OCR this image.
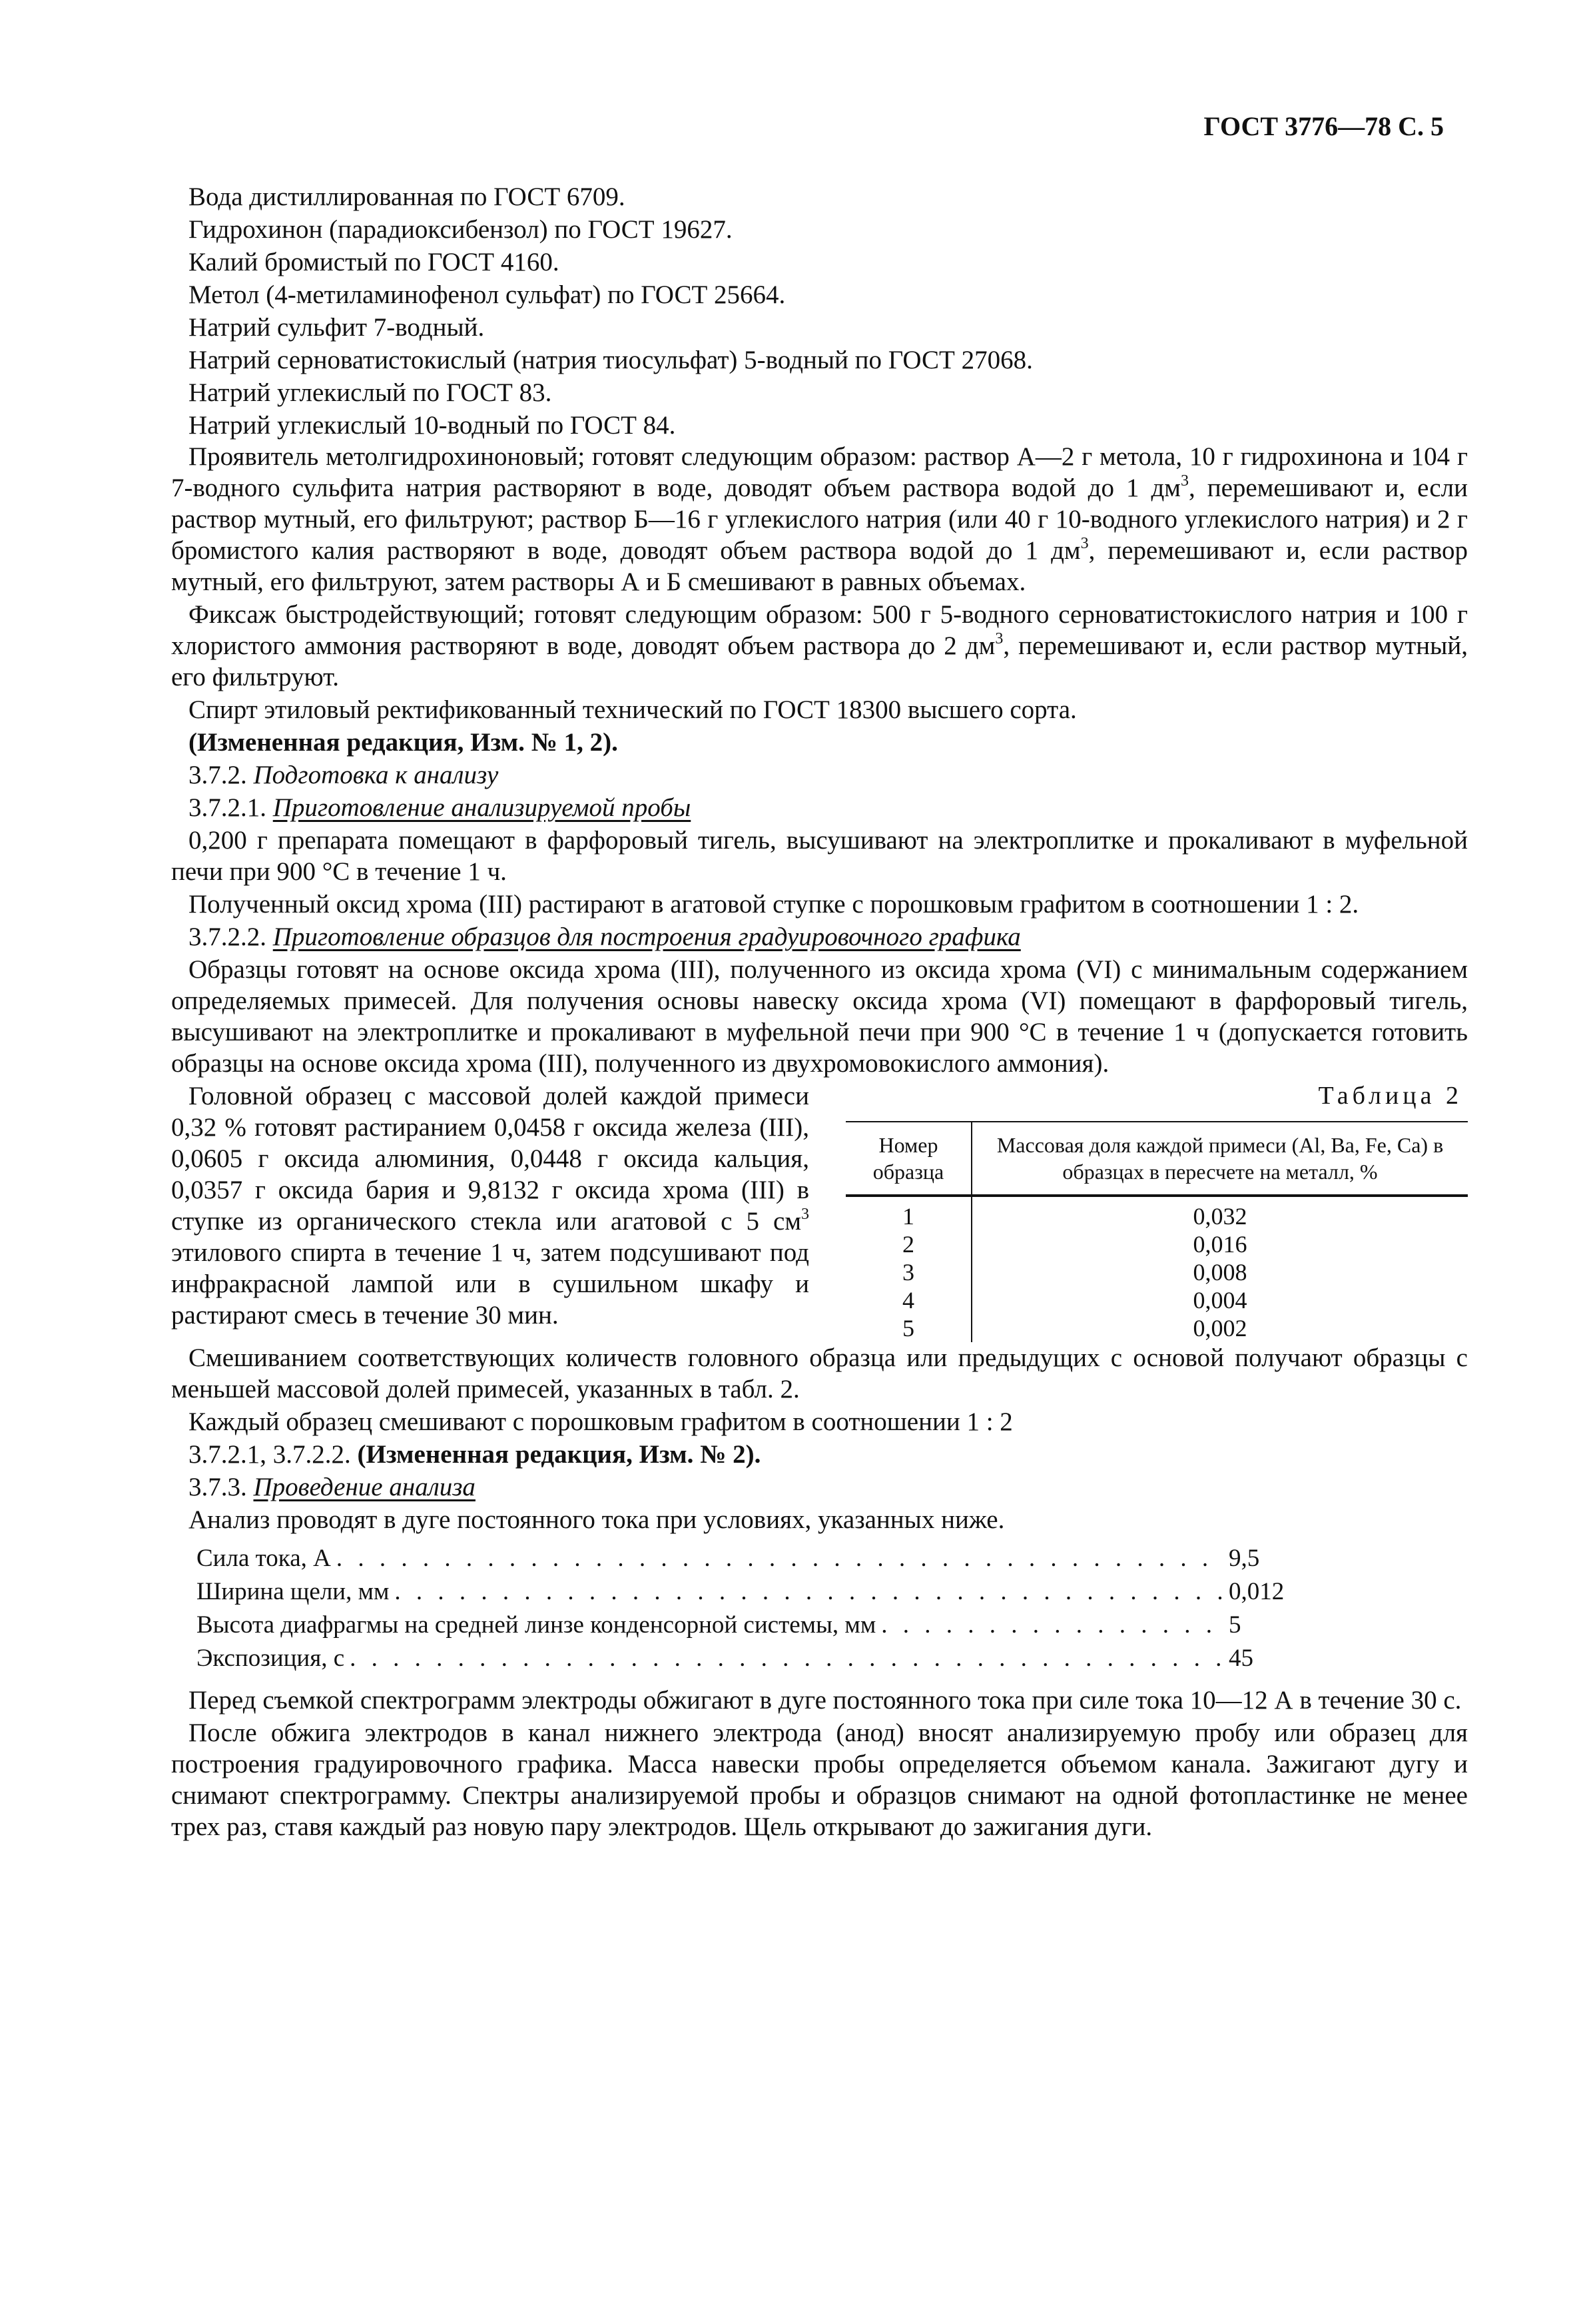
ГОСТ 3776—78 С. 5

Вода дистиллированная по ГОСТ 6709.

Гидрохинон (парадиоксибензол) по ГОСТ 19627.

Калий бромистый по ГОСТ 4160.

Метол (4-метиламинофенол сульфат) по ГОСТ 25664.

Натрий сульфит 7-водный.

Натрий серноватистокислый (натрия тиосульфат) 5-водный по ГОСТ 27068.

Натрий углекислый по ГОСТ 83.

Натрий углекислый 10-водный по ГОСТ 84.

Проявитель метолгидрохиноновый; готовят следующим образом: раствор А—2 г метола, 10 г гидрохинона и 104 г 7-водного сульфита натрия растворяют в воде, доводят объем раствора водой до 1 $дм^3$, перемешивают и, если раствор мутный, его фильтруют; раствор Б—16 г углекислого натрия (или 40 г 10-водного углекислого натрия) и 2 г бромистого калия растворяют в воде, доводят объем раствора водой до 1 $дм^3$, перемешивают и, если раствор мутный, его фильтруют, затем растворы А и Б смешивают в равных объемах.

Фиксаж быстродействующий; готовят следующим образом: 500 г 5-водного серноватистокислого натрия и 100 г хлористого аммония растворяют в воде, доводят объем раствора до 2 $дм^3$, перемешивают и, если раствор мутный, его фильтруют.

Спирт этиловый ректификованный технический по ГОСТ 18300 высшего сорта.

(Измененная редакция, Изм. № 1, 2).

3.7.2. Подготовка к анализу

3.7.2.1. Приготовление анализируемой пробы

0,200 г препарата помещают в фарфоровый тигель, высушивают на электроплитке и прокаливают в муфельной печи при 900 °С в течение 1 ч.

Полученный оксид хрома (III) растирают в агатовой ступке с порошковым графитом в соотношении 1 : 2.

3.7.2.2. Приготовление образцов для построения градуировочного графика

Образцы готовят на основе оксида хрома (III), полученного из оксида хрома (VI) с минимальным содержанием определяемых примесей. Для получения основы навеску оксида хрома (VI) помещают в фарфоровый тигель, высушивают на электроплитке и прокаливают в муфельной печи при 900 °С в течение 1 ч (допускается готовить образцы на основе оксида хрома (III), полученного из двухромовокислого аммония).

Головной образец с массовой долей каждой примеси 0,32 % готовят растиранием 0,0458 г оксида железа (III), 0,0605 г оксида алюминия, 0,0448 г оксида кальция, 0,0357 г оксида бария и 9,8132 г оксида хрома (III) в ступке из органического стекла или агатовой с 5 $см^3$ этилового спирта в течение 1 ч, затем подсушивают под инфракрасной лампой или в сушильном шкафу и растирают смесь в течение 30 мин.

Таблица 2
Номер образца	Массовая доля каждой примеси (Al, Ba, Fe, Ca) в образцах в пересчете на металл, %
1	0,032
2	0,016
3	0,008
4	0,004
5	0,002

Смешиванием соответствующих количеств головного образца или предыдущих с основой получают образцы с меньшей массовой долей примесей, указанных в табл. 2.

Каждый образец смешивают с порошковым графитом в соотношении 1 : 2

3.7.2.1, 3.7.2.2. (Измененная редакция, Изм. № 2).

3.7.3. Проведение анализа

Анализ проводят в дуге постоянного тока при условиях, указанных ниже.

Сила тока, А . . .	9,5
Ширина щели, мм . . .	0,012
Высота диафрагмы на средней линзе конденсорной системы, мм . . .	5
Экспозиция, с . . .	45

Перед съемкой спектрограмм электроды обжигают в дуге постоянного тока при силе тока 10—12 А в течение 30 с.

После обжига электродов в канал нижнего электрода (анод) вносят анализируемую пробу или образец для построения градуировочного графика. Масса навески пробы определяется объемом канала. Зажигают дугу и снимают спектрограмму. Спектры анализируемой пробы и образцов снимают на одной фотопластинке не менее трех раз, ставя каждый раз новую пару электродов. Щель открывают до зажигания дуги.
